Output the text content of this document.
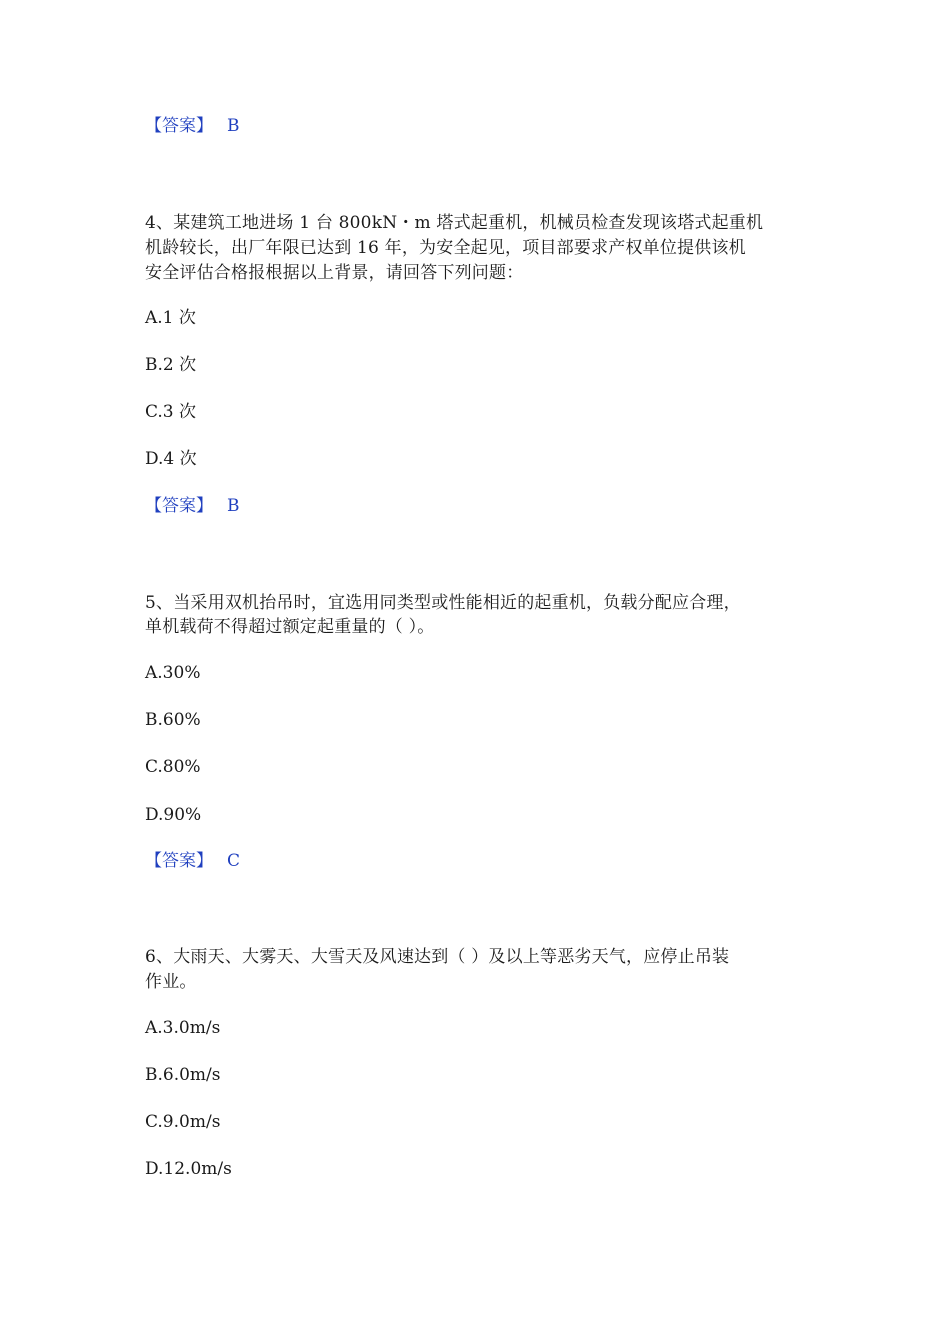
【答案】 B
4、某建筑工地进场 1 台 800kN・m 塔式起重机，机械员检查发现该塔式起重机
机龄较长，出厂年限已达到 16 年，为安全起见，项目部要求产权单位提供该机
安全评估合格报根据以上背景，请回答下列问题：
A.1 次
B.2 次
C.3 次
D.4 次
【答案】 B
5、当采用双机抬吊时，宜选用同类型或性能相近的起重机，负载分配应合理，
单机载荷不得超过额定起重量的（ ）。
A.30%
B.60%
C.80%
D.90%
【答案】 C
6、大雨天、大雾天、大雪天及风速达到（ ）及以上等恶劣天气，应停止吊装
作业。
A.3.0m/s
B.6.0m/s
C.9.0m/s
D.12.0m/s
